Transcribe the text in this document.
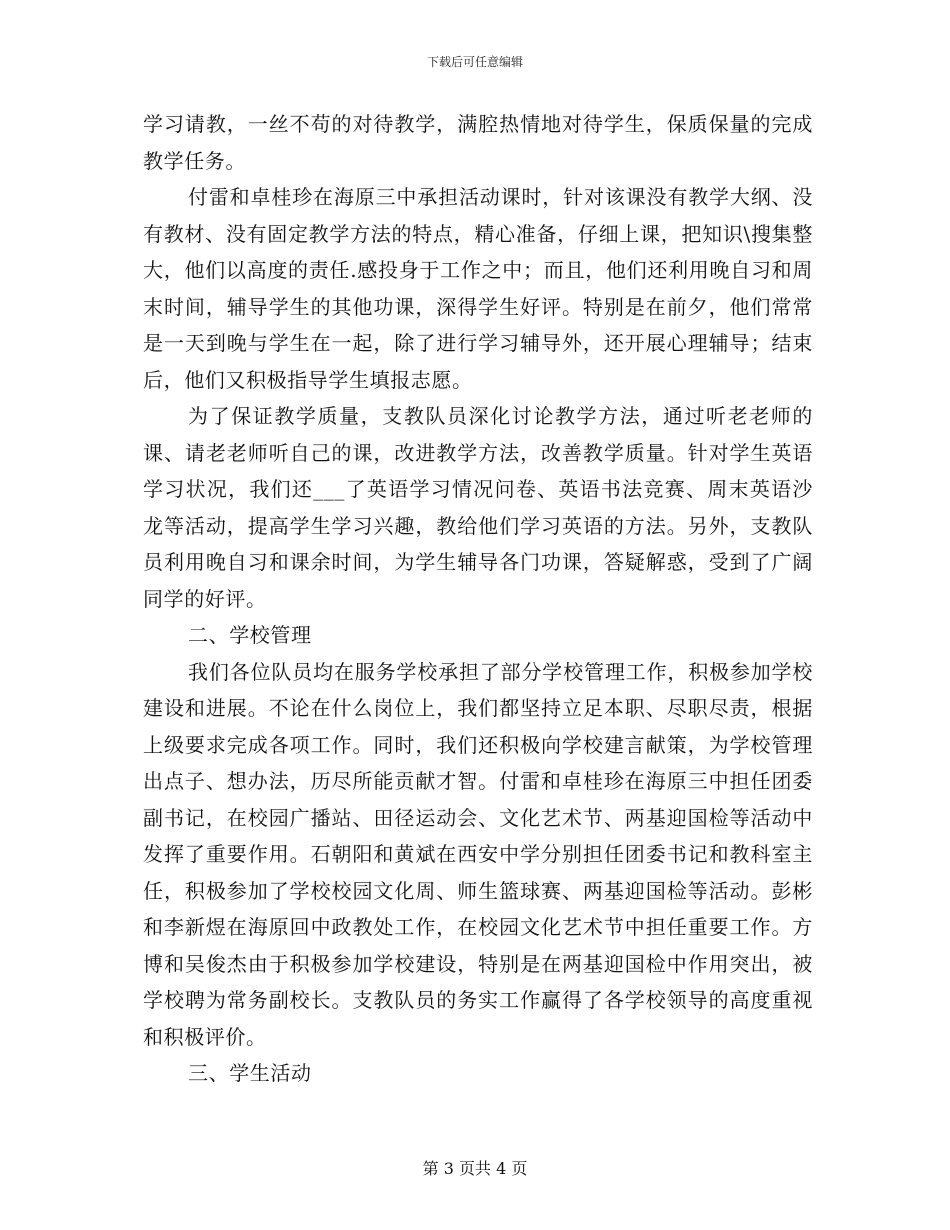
下载后可任意编辑

学习请教，一丝不苟的对待教学，满腔热情地对待学生，保质保量的完成教学任务。

付雷和卓桂珍在海原三中承担活动课时，针对该课没有教学大纲、没有教材、没有固定教学方法的特点，精心准备，仔细上课，把知识\搜集整大，他们以高度的责任.感投身于工作之中；而且，他们还利用晚自习和周末时间，辅导学生的其他功课，深得学生好评。特别是在前夕，他们常常是一天到晚与学生在一起，除了进行学习辅导外，还开展心理辅导；结束后，他们又积极指导学生填报志愿。

为了保证教学质量，支教队员深化讨论教学方法，通过听老老师的课、请老老师听自己的课，改进教学方法，改善教学质量。针对学生英语学习状况，我们还___了英语学习情况问卷、英语书法竞赛、周末英语沙龙等活动，提高学生学习兴趣，教给他们学习英语的方法。另外，支教队员利用晚自习和课余时间，为学生辅导各门功课，答疑解惑，受到了广阔同学的好评。

二、学校管理

我们各位队员均在服务学校承担了部分学校管理工作，积极参加学校建设和进展。不论在什么岗位上，我们都坚持立足本职、尽职尽责，根据上级要求完成各项工作。同时，我们还积极向学校建言献策，为学校管理出点子、想办法，历尽所能贡献才智。付雷和卓桂珍在海原三中担任团委副书记，在校园广播站、田径运动会、文化艺术节、两基迎国检等活动中发挥了重要作用。石朝阳和黄斌在西安中学分别担任团委书记和教科室主任，积极参加了学校校园文化周、师生篮球赛、两基迎国检等活动。彭彬和李新煜在海原回中政教处工作，在校园文化艺术节中担任重要工作。方博和吴俊杰由于积极参加学校建设，特别是在两基迎国检中作用突出，被学校聘为常务副校长。支教队员的务实工作赢得了各学校领导的高度重视和积极评价。

三、学生活动

第 3 页共 4 页
